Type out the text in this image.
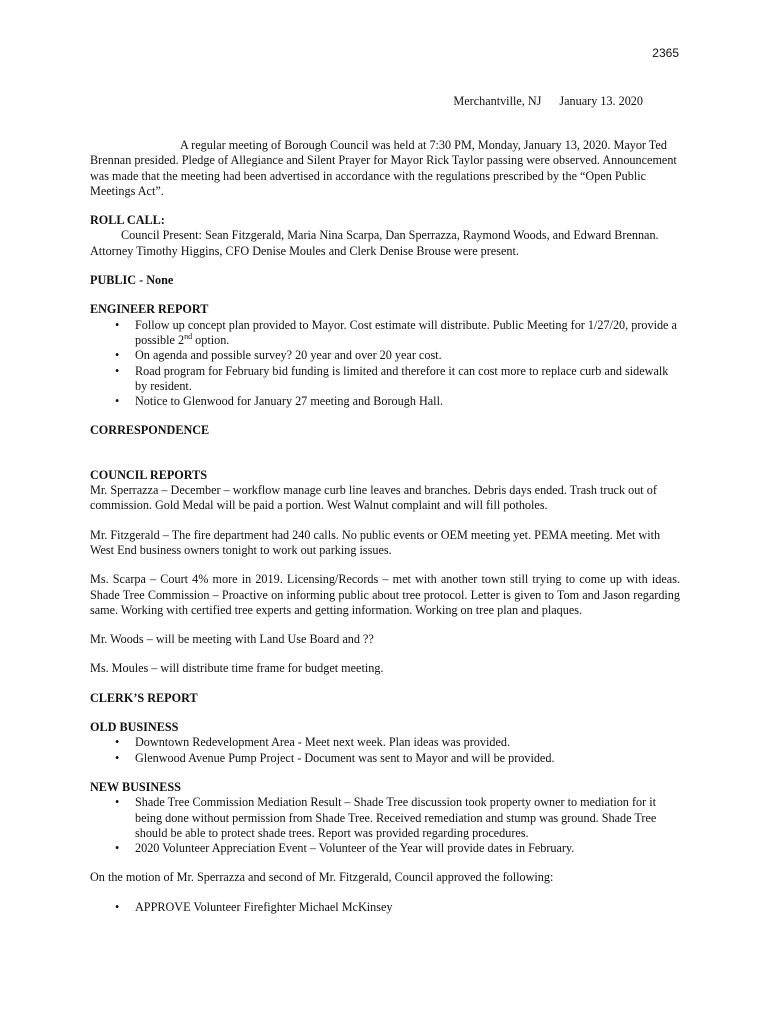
2365
Merchantville, NJ January 13. 2020

A regular meeting of Borough Council was held at 7:30 PM, Monday, January 13, 2020. Mayor Ted Brennan presided. Pledge of Allegiance and Silent Prayer for Mayor Rick Taylor passing were observed. Announcement was made that the meeting had been advertised in accordance with the regulations prescribed by the “Open Public Meetings Act”.

ROLL CALL:

Council Present: Sean Fitzgerald, Maria Nina Scarpa, Dan Sperrazza, Raymond Woods, and Edward Brennan. Attorney Timothy Higgins, CFO Denise Moules and Clerk Denise Brouse were present.

PUBLIC - None
ENGINEER REPORT
• Follow up concept plan provided to Mayor. Cost estimate will distribute. Public Meeting for 1/27/20, provide a possible 2nd option.
• On agenda and possible survey? 20 year and over 20 year cost.
• Road program for February bid funding is limited and therefore it can cost more to replace curb and sidewalk by resident.
• Notice to Glenwood for January 27 meeting and Borough Hall.
CORRESPONDENCE
COUNCIL REPORTS

Mr. Sperrazza – December – workflow manage curb line leaves and branches. Debris days ended. Trash truck out of commission. Gold Medal will be paid a portion. West Walnut complaint and will fill potholes.

Mr. Fitzgerald – The fire department had 240 calls. No public events or OEM meeting yet. PEMA meeting. Met with West End business owners tonight to work out parking issues.

Ms. Scarpa – Court 4% more in 2019. Licensing/Records – met with another town still trying to come up with ideas. Shade Tree Commission – Proactive on informing public about tree protocol. Letter is given to Tom and Jason regarding same. Working with certified tree experts and getting information. Working on tree plan and plaques.

Mr. Woods – will be meeting with Land Use Board and ??

Ms. Moules – will distribute time frame for budget meeting.

CLERK’S REPORT
OLD BUSINESS
• Downtown Redevelopment Area - Meet next week. Plan ideas was provided.
• Glenwood Avenue Pump Project - Document was sent to Mayor and will be provided.
NEW BUSINESS
• Shade Tree Commission Mediation Result – Shade Tree discussion took property owner to mediation for it being done without permission from Shade Tree. Received remediation and stump was ground. Shade Tree should be able to protect shade trees. Report was provided regarding procedures.
• 2020 Volunteer Appreciation Event – Volunteer of the Year will provide dates in February.

On the motion of Mr. Sperrazza and second of Mr. Fitzgerald, Council approved the following:

• APPROVE Volunteer Firefighter Michael McKinsey
